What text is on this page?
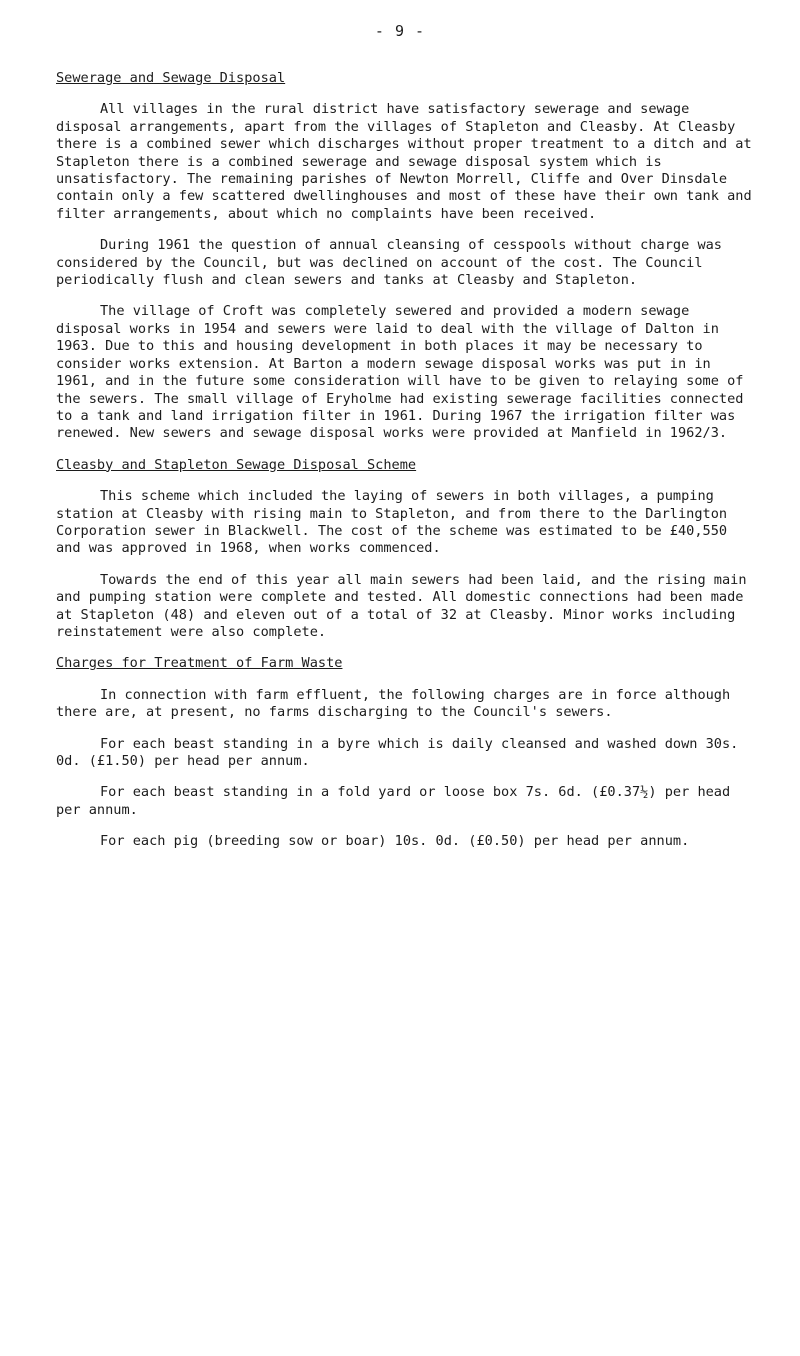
- 9 -
Sewerage and Sewage Disposal

All villages in the rural district have satisfactory sewerage and sewage disposal arrangements, apart from the villages of Stapleton and Cleasby. At Cleasby there is a combined sewer which discharges without proper treatment to a ditch and at Stapleton there is a combined sewerage and sewage disposal system which is unsatisfactory. The remaining parishes of Newton Morrell, Cliffe and Over Dinsdale contain only a few scattered dwellinghouses and most of these have their own tank and filter arrangements, about which no complaints have been received.

During 1961 the question of annual cleansing of cesspools without charge was considered by the Council, but was declined on account of the cost. The Council periodically flush and clean sewers and tanks at Cleasby and Stapleton.

The village of Croft was completely sewered and provided a modern sewage disposal works in 1954 and sewers were laid to deal with the village of Dalton in 1963. Due to this and housing development in both places it may be necessary to consider works extension. At Barton a modern sewage disposal works was put in in 1961, and in the future some consideration will have to be given to relaying some of the sewers. The small village of Eryholme had existing sewerage facilities connected to a tank and land irrigation filter in 1961. During 1967 the irrigation filter was renewed. New sewers and sewage disposal works were provided at Manfield in 1962/3.

Cleasby and Stapleton Sewage Disposal Scheme

This scheme which included the laying of sewers in both villages, a pumping station at Cleasby with rising main to Stapleton, and from there to the Darlington Corporation sewer in Blackwell. The cost of the scheme was estimated to be £40,550 and was approved in 1968, when works commenced.

Towards the end of this year all main sewers had been laid, and the rising main and pumping station were complete and tested. All domestic connections had been made at Stapleton (48) and eleven out of a total of 32 at Cleasby. Minor works including reinstatement were also complete.

Charges for Treatment of Farm Waste

In connection with farm effluent, the following charges are in force although there are, at present, no farms discharging to the Council's sewers.

For each beast standing in a byre which is daily cleansed and washed down 30s. 0d. (£1.50) per head per annum.

For each beast standing in a fold yard or loose box 7s. 6d. (£0.37½) per head per annum.

For each pig (breeding sow or boar) 10s. 0d. (£0.50) per head per annum.
